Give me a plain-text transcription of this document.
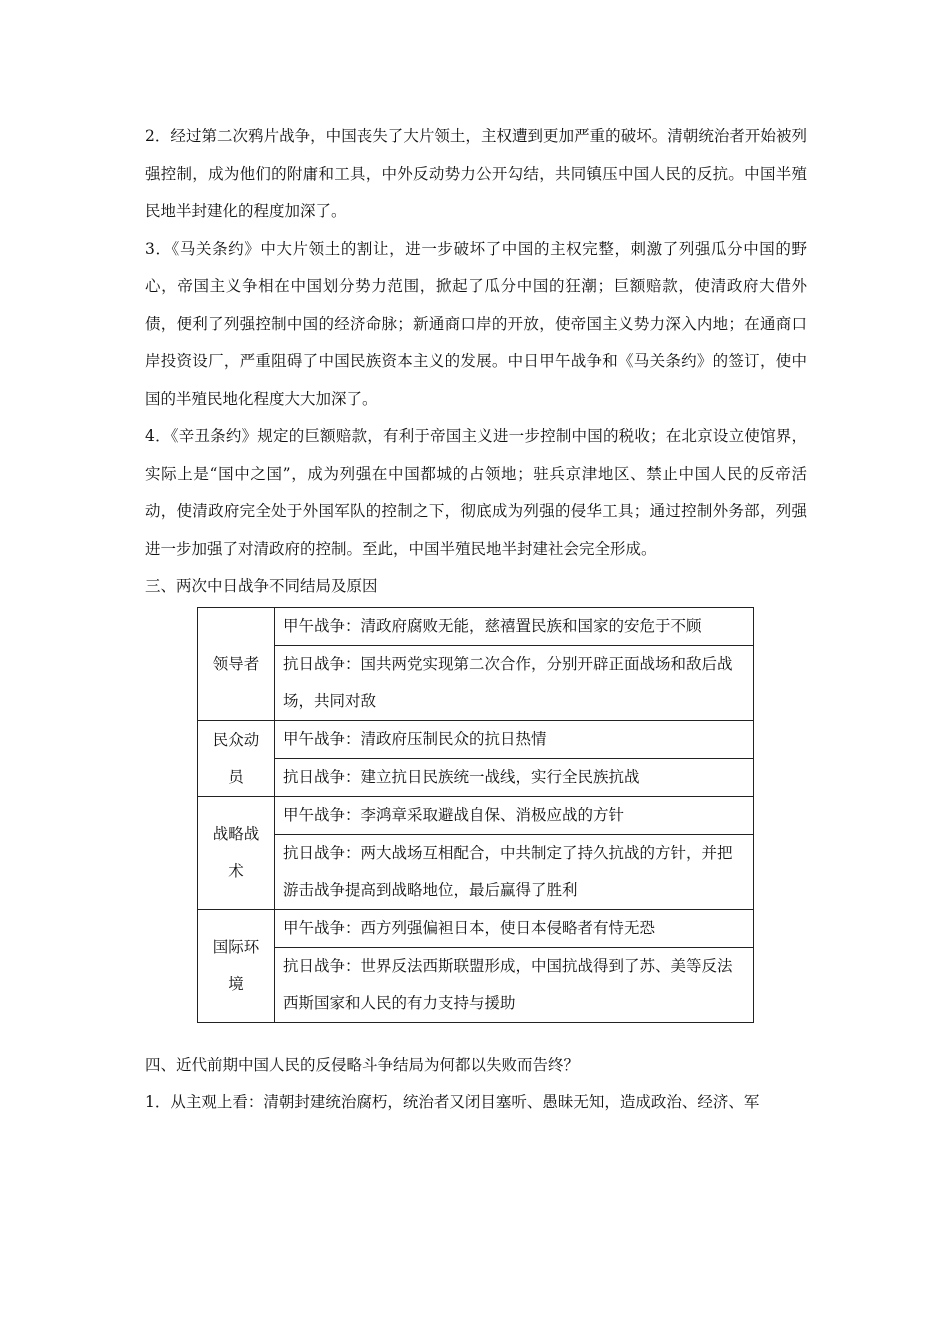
2．经过第二次鸦片战争，中国丧失了大片领土，主权遭到更加严重的破坏。清朝统治者开始被列强控制，成为他们的附庸和工具，中外反动势力公开勾结，共同镇压中国人民的反抗。中国半殖民地半封建化的程度加深了。

3．《马关条约》中大片领土的割让，进一步破坏了中国的主权完整，刺激了列强瓜分中国的野心，帝国主义争相在中国划分势力范围，掀起了瓜分中国的狂潮；巨额赔款，使清政府大借外债，便利了列强控制中国的经济命脉；新通商口岸的开放，使帝国主义势力深入内地；在通商口岸投资设厂，严重阻碍了中国民族资本主义的发展。中日甲午战争和《马关条约》的签订，使中国的半殖民地化程度大大加深了。

4．《辛丑条约》规定的巨额赔款，有利于帝国主义进一步控制中国的税收；在北京设立使馆界，实际上是“国中之国”，成为列强在中国都城的占领地；驻兵京津地区、禁止中国人民的反帝活动，使清政府完全处于外国军队的控制之下，彻底成为列强的侵华工具；通过控制外务部，列强进一步加强了对清政府的控制。至此，中国半殖民地半封建社会完全形成。

三、两次中日战争不同结局及原因

领导者	甲午战争：清政府腐败无能，慈禧置民族和国家的安危于不顾
	抗日战争：国共两党实现第二次合作，分别开辟正面战场和敌后战场，共同对敌
民众动员	甲午战争：清政府压制民众的抗日热情
	抗日战争：建立抗日民族统一战线，实行全民族抗战
战略战术	甲午战争：李鸿章采取避战自保、消极应战的方针
	抗日战争：两大战场互相配合，中共制定了持久抗战的方针，并把游击战争提高到战略地位，最后赢得了胜利
国际环境	甲午战争：西方列强偏袒日本，使日本侵略者有恃无恐
	抗日战争：世界反法西斯联盟形成，中国抗战得到了苏、美等反法西斯国家和人民的有力支持与援助

四、近代前期中国人民的反侵略斗争结局为何都以失败而告终？

1．从主观上看：清朝封建统治腐朽，统治者又闭目塞听、愚昧无知，造成政治、经济、军
